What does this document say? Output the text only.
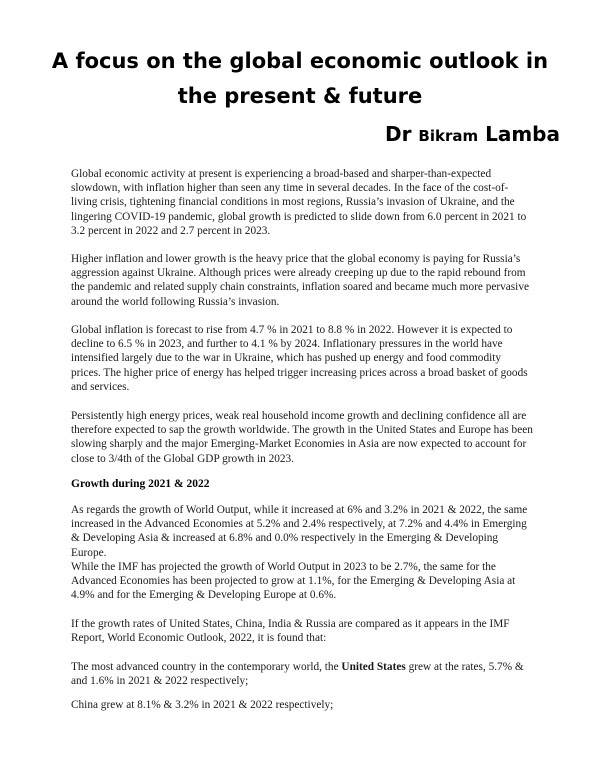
A focus on the global economic outlook in the present & future

Dr Bikram Lamba

Global economic activity at present is experiencing a broad-based and sharper-than-expected slowdown, with inflation higher than seen any time in several decades. In the face of the cost-of-living crisis, tightening financial conditions in most regions, Russia’s invasion of Ukraine, and the lingering COVID-19 pandemic, global growth is predicted to slide down from 6.0 percent in 2021 to 3.2 percent in 2022 and 2.7 percent in 2023.

Higher inflation and lower growth is the heavy price that the global economy is paying for Russia’s aggression against Ukraine. Although prices were already creeping up due to the rapid rebound from the pandemic and related supply chain constraints, inflation soared and became much more pervasive around the world following Russia’s invasion.

Global inflation is forecast to rise from 4.7 % in 2021 to 8.8 % in 2022. However it is expected to decline to 6.5 % in 2023, and further to 4.1 % by 2024. Inflationary pressures in the world have intensified largely due to the war in Ukraine, which has pushed up energy and food commodity prices. The higher price of energy has helped trigger increasing prices across a broad basket of goods and services.

Persistently high energy prices, weak real household income growth and declining confidence all are therefore expected to sap the growth worldwide. The growth in the United States and Europe has been slowing sharply and the major Emerging-Market Economies in Asia are now expected to account for close to 3/4th of the Global GDP growth in 2023.

Growth during 2021 & 2022

As regards the growth of World Output, while it increased at 6% and 3.2% in 2021 & 2022, the same increased in the Advanced Economies at 5.2% and 2.4% respectively, at 7.2% and 4.4% in Emerging & Developing Asia & increased at 6.8% and 0.0% respectively in the Emerging & Developing Europe.

While the IMF has projected the growth of World Output in 2023 to be 2.7%, the same for the Advanced Economies has been projected to grow at 1.1%, for the Emerging & Developing Asia at 4.9% and for the Emerging & Developing Europe at 0.6%.

If the growth rates of United States, China, India & Russia are compared as it appears in the IMF Report, World Economic Outlook, 2022, it is found that:

The most advanced country in the contemporary world, the United States grew at the rates, 5.7% & and 1.6% in 2021 & 2022 respectively;

China grew at 8.1% & 3.2% in 2021 & 2022 respectively;
